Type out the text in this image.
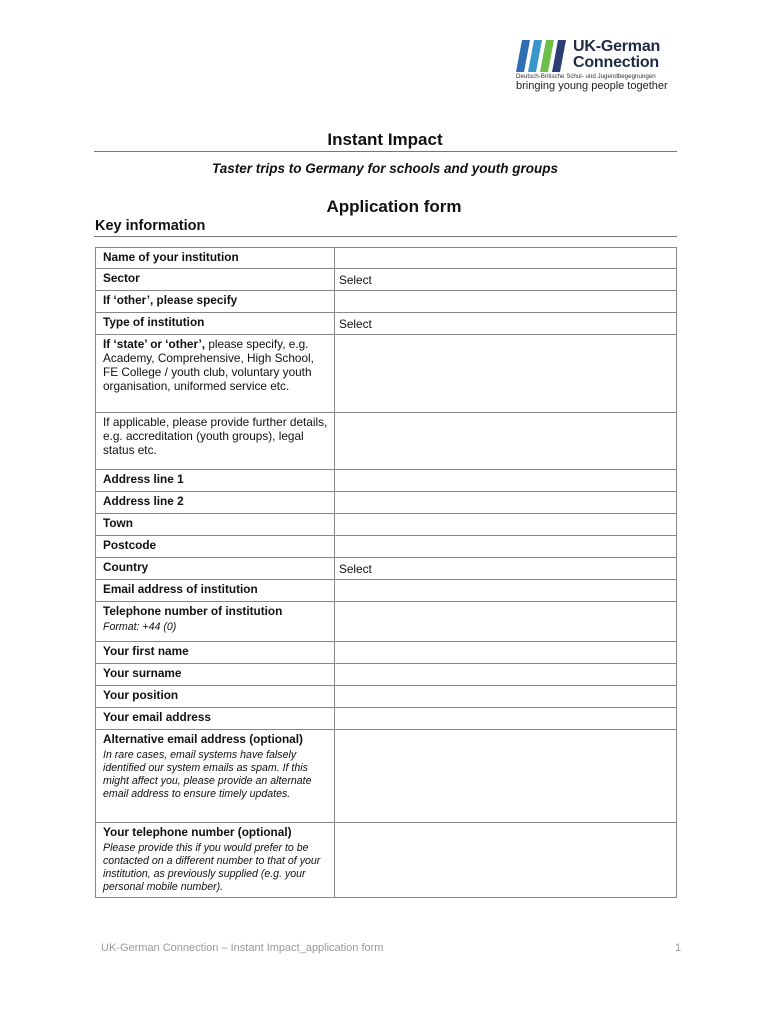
UK-German
Connection
Deutsch-Britische Schul- und Jugendbegegnungen
bringing young people together
Instant Impact
Taster trips to Germany for schools and youth groups
Application form
Key information
Name of your institution	
Sector	Select
If ‘other’, please specify	
Type of institution	Select
If ‘state’ or ‘other’, please specify, e.g. Academy, Comprehensive, High School, FE College / youth club, voluntary youth organisation, uniformed service etc.	
If applicable, please provide further details, e.g. accreditation (youth groups), legal status etc.	
Address line 1	
Address line 2	
Town	
Postcode	
Country	Select
Email address of institution	
Telephone number of institution
Format: +44 (0)	

Your first name	
Your surname	
Your position	
Your email address	
Alternative email address (optional)
In rare cases, email systems have falsely identified our system emails as spam. If this might affect you, please provide an alternate email address to ensure timely updates.	

Your telephone number (optional)
Please provide this if you would prefer to be contacted on a different number to that of your institution, as previously supplied (e.g. your personal mobile number).	

UK-German Connection – Instant Impact_application form	1
